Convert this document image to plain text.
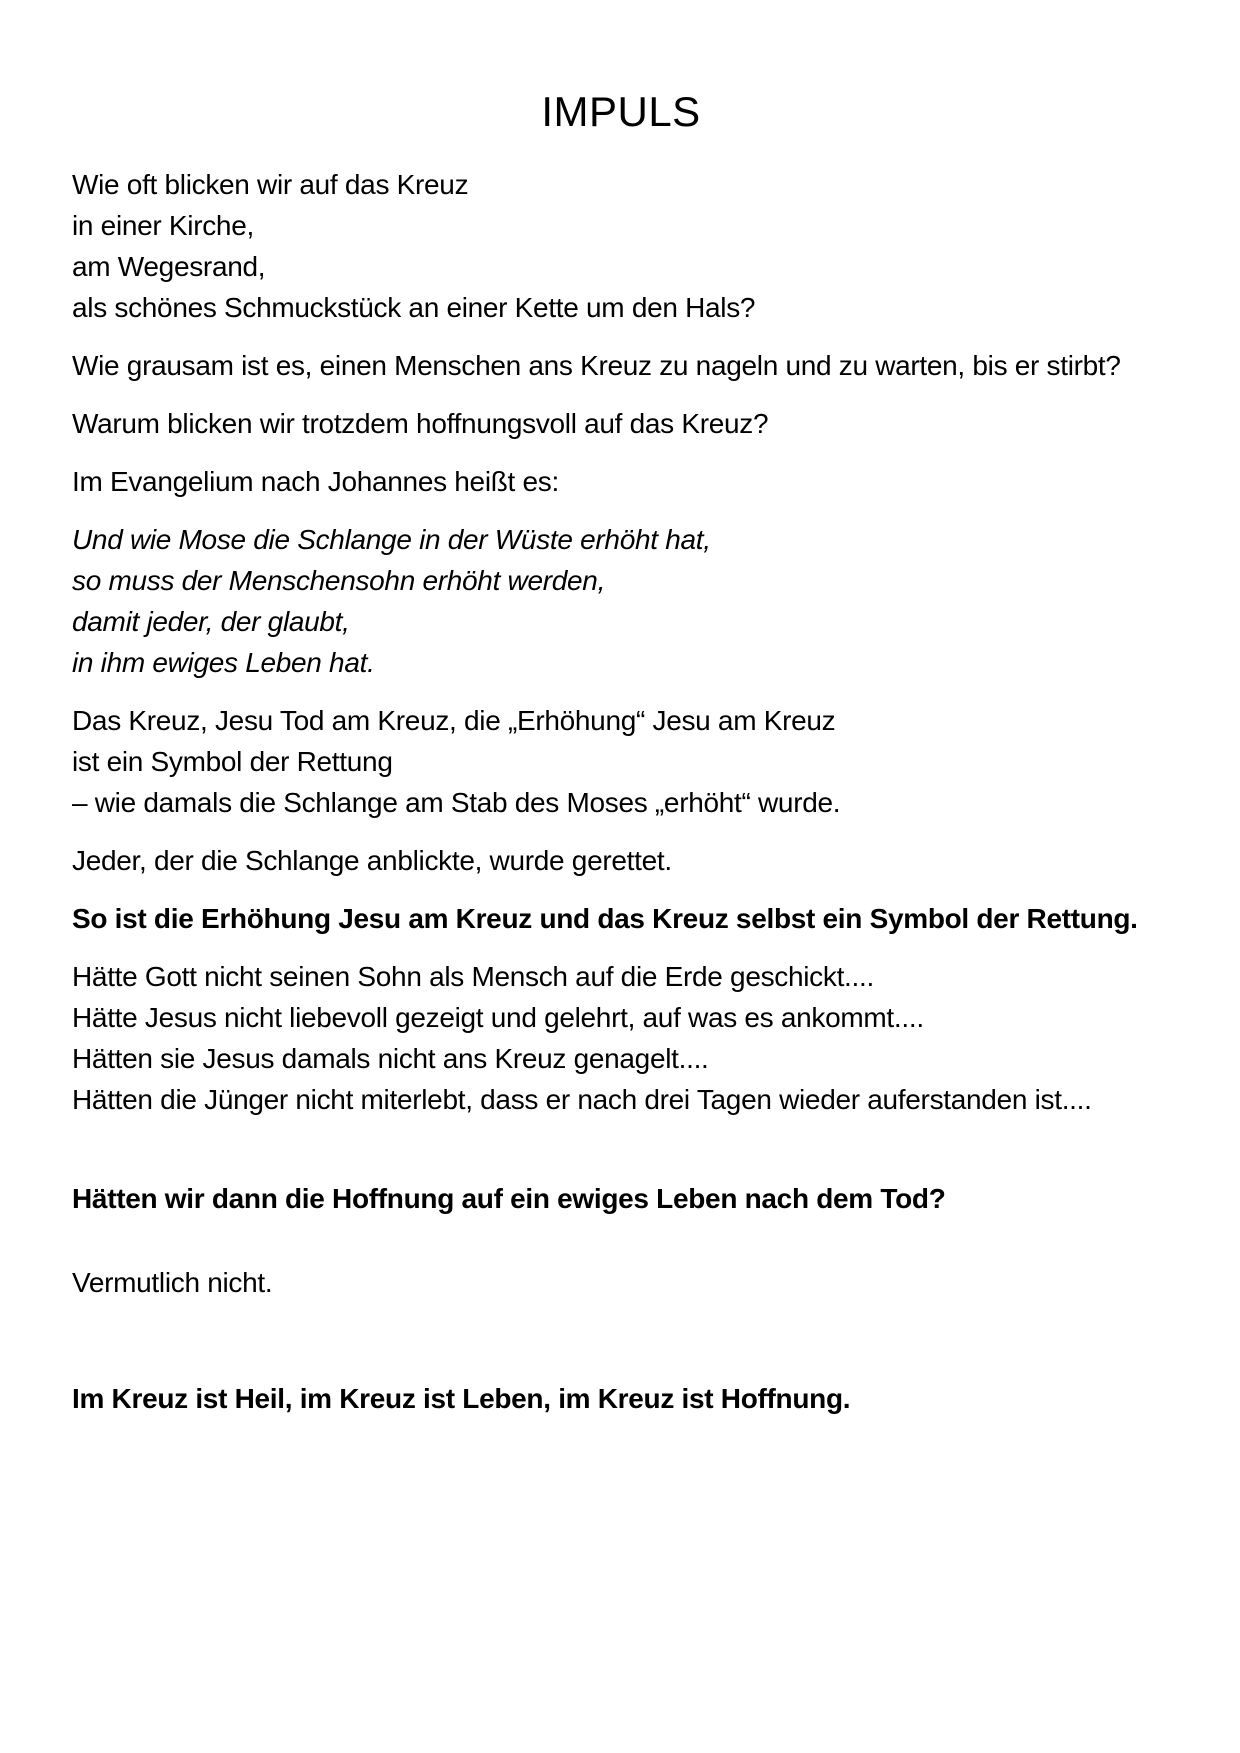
IMPULS

Wie oft blicken wir auf das Kreuz
in einer Kirche,
am Wegesrand,
als schönes Schmuckstück an einer Kette um den Hals?

Wie grausam ist es, einen Menschen ans Kreuz zu nageln und zu warten, bis er stirbt?

Warum blicken wir trotzdem hoffnungsvoll auf das Kreuz?

Im Evangelium nach Johannes heißt es:

Und wie Mose die Schlange in der Wüste erhöht hat,
so muss der Menschensohn erhöht werden,
damit jeder, der glaubt,
in ihm ewiges Leben hat.

Das Kreuz, Jesu Tod am Kreuz, die „Erhöhung“ Jesu am Kreuz
ist ein Symbol der Rettung
– wie damals die Schlange am Stab des Moses „erhöht“ wurde.

Jeder, der die Schlange anblickte, wurde gerettet.

So ist die Erhöhung Jesu am Kreuz und das Kreuz selbst ein Symbol der Rettung.

Hätte Gott nicht seinen Sohn als Mensch auf die Erde geschickt....
Hätte Jesus nicht liebevoll gezeigt und gelehrt, auf was es ankommt....
Hätten sie Jesus damals nicht ans Kreuz genagelt....
Hätten die Jünger nicht miterlebt, dass er nach drei Tagen wieder auferstanden ist....

Hätten wir dann die Hoffnung auf ein ewiges Leben nach dem Tod?

Vermutlich nicht.

Im Kreuz ist Heil, im Kreuz ist Leben, im Kreuz ist Hoffnung.
